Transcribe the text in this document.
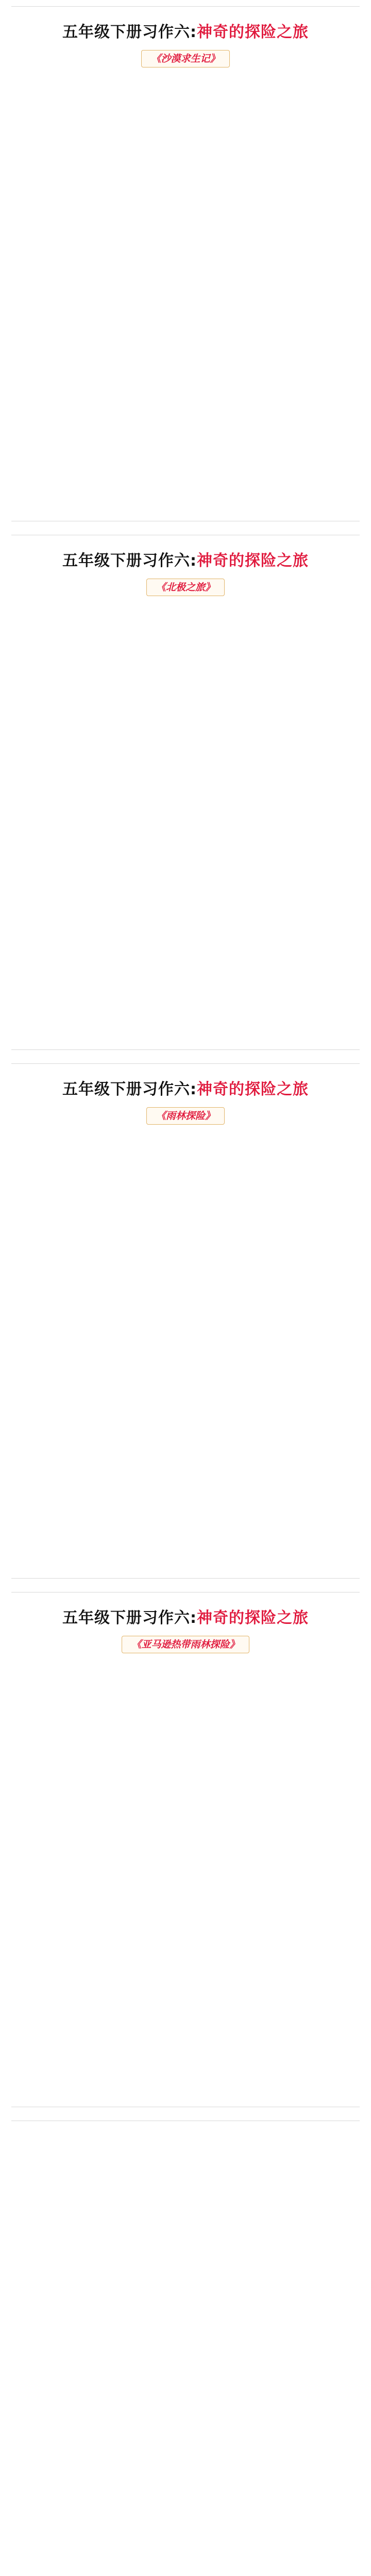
五年级下册习作六:神奇的探险之旅
《沙漠求生记》
五年级下册习作六:神奇的探险之旅
《北极之旅》
五年级下册习作六:神奇的探险之旅
《雨林探险》
五年级下册习作六:神奇的探险之旅
《亚马逊热带雨林探险》
